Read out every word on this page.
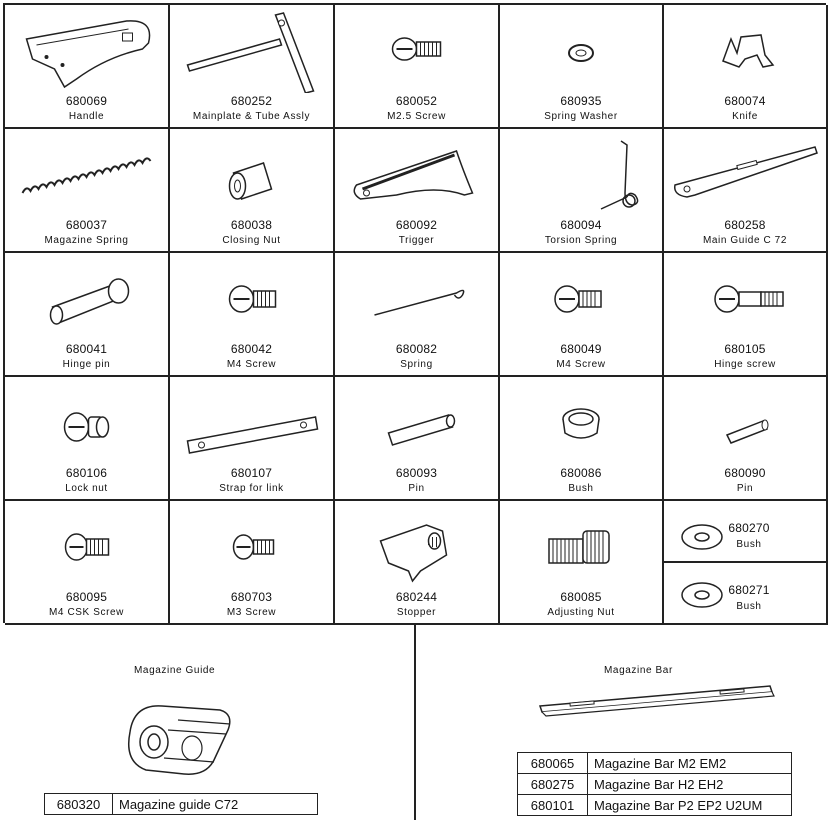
680069
Handle
680252
Mainplate & Tube Assly
680052
M2.5 Screw
680935
Spring Washer
680074
Knife
680037
Magazine Spring
680038
Closing Nut
680092
Trigger
680094
Torsion Spring
680258
Main Guide C 72
680041
Hinge pin
680042
M4 Screw
680082
Spring
680049
M4 Screw
680105
Hinge screw
680106
Lock nut
680107
Strap for link
680093
Pin
680086
Bush
680090
Pin
680095
M4 CSK Screw
680703
M3 Screw
680244
Stopper
680085
Adjusting Nut
680270
Bush
680271
Bush
Magazine Guide
680320	Magazine guide C72
Magazine Bar
680065	Magazine Bar M2 EM2
680275	Magazine Bar H2 EH2
680101	Magazine Bar P2 EP2 U2UM
